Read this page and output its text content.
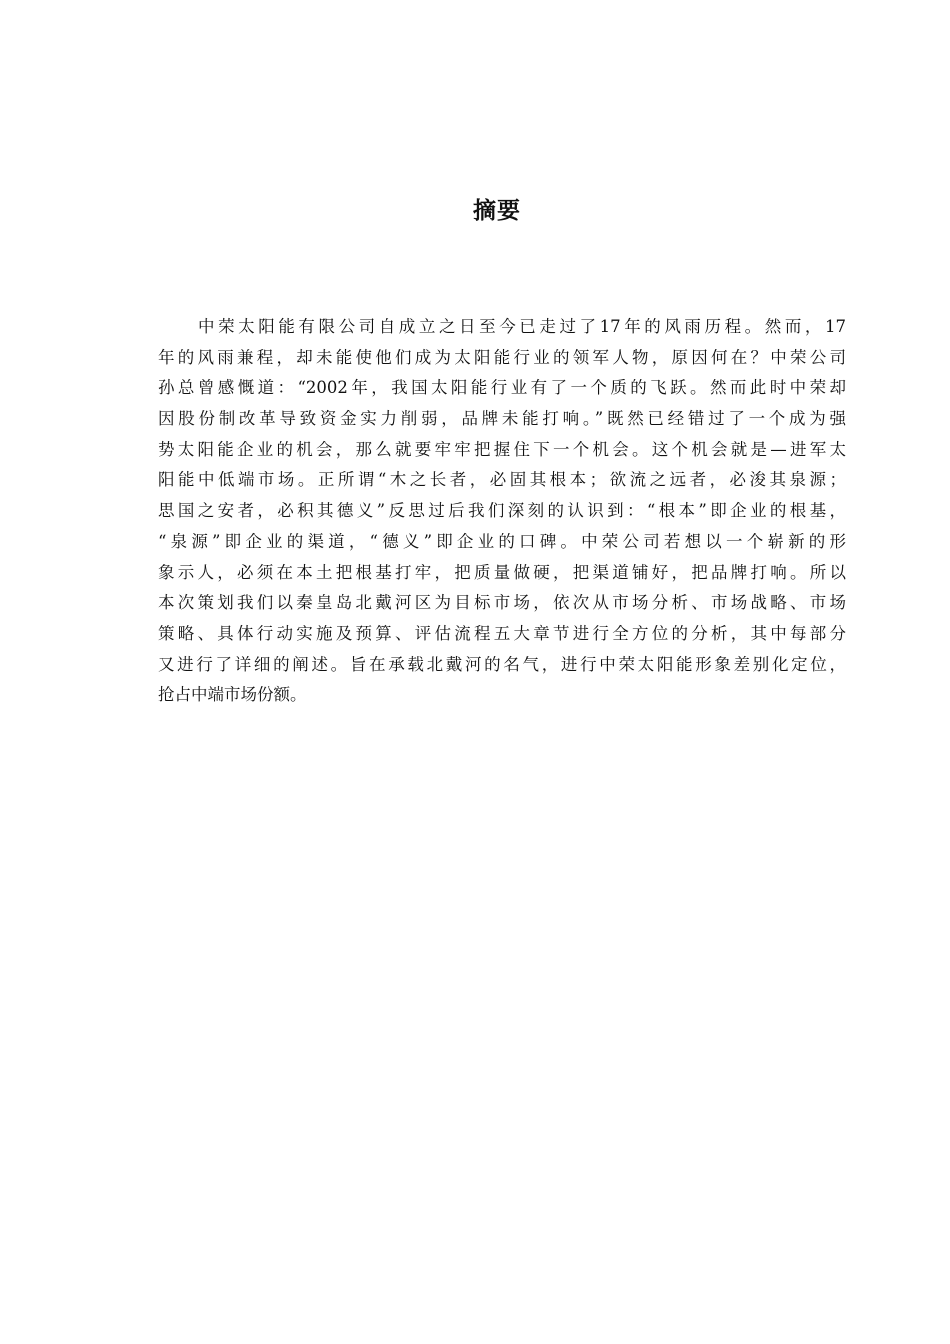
摘要
中荣太阳能有限公司自成立之日至今已走过了17年的风雨历程。然而，17
年的风雨兼程，却未能使他们成为太阳能行业的领军人物，原因何在？中荣公司
孙总曾感慨道：“2002年，我国太阳能行业有了一个质的飞跃。然而此时中荣却
因股份制改革导致资金实力削弱，品牌未能打响。”既然已经错过了一个成为强
势太阳能企业的机会，那么就要牢牢把握住下一个机会。这个机会就是—进军太
阳能中低端市场。正所谓“木之长者，必固其根本；欲流之远者，必浚其泉源；
思国之安者，必积其德义”反思过后我们深刻的认识到：“根本”即企业的根基，
“泉源”即企业的渠道，“德义”即企业的口碑。中荣公司若想以一个崭新的形
象示人，必须在本土把根基打牢，把质量做硬，把渠道铺好，把品牌打响。所以
本次策划我们以秦皇岛北戴河区为目标市场，依次从市场分析、市场战略、市场
策略、具体行动实施及预算、评估流程五大章节进行全方位的分析，其中每部分
又进行了详细的阐述。旨在承载北戴河的名气，进行中荣太阳能形象差别化定位，
抢占中端市场份额。
